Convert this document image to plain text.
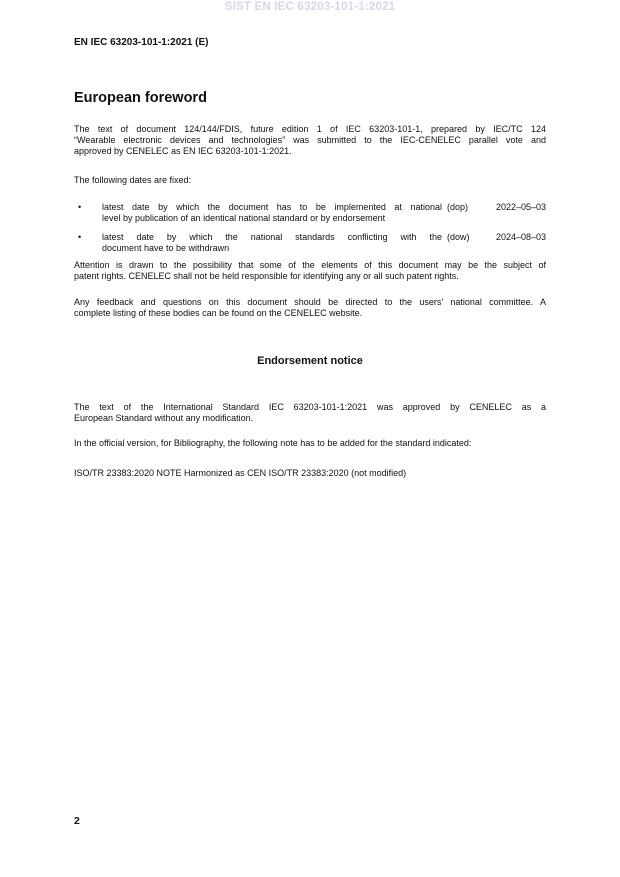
SIST EN IEC 63203-101-1:2021
EN IEC 63203-101-1:2021 (E)
European foreword
The text of document 124/144/FDIS, future edition 1 of IEC 63203-101-1, prepared by IEC/TC 124
“Wearable electronic devices and technologies” was submitted to the IEC-CENELEC parallel vote and
approved by CENELEC as EN IEC 63203-101-1:2021.
The following dates are fixed:
• latest date by which the document has to be implemented at national
level by publication of an identical national standard or by endorsement
(dop)	2022–05–03
• latest date by which the national standards conflicting with the
document have to be withdrawn
(dow)	2024–08–03
Attention is drawn to the possibility that some of the elements of this document may be the subject of
patent rights. CENELEC shall not be held responsible for identifying any or all such patent rights.
Any feedback and questions on this document should be directed to the users’ national committee. A
complete listing of these bodies can be found on the CENELEC website.
Endorsement notice
The text of the International Standard IEC 63203-101-1:2021 was approved by CENELEC as a
European Standard without any modification.
In the official version, for Bibliography, the following note has to be added for the standard indicated:
ISO/TR 23383:2020 NOTE Harmonized as CEN ISO/TR 23383:2020 (not modified)
2
